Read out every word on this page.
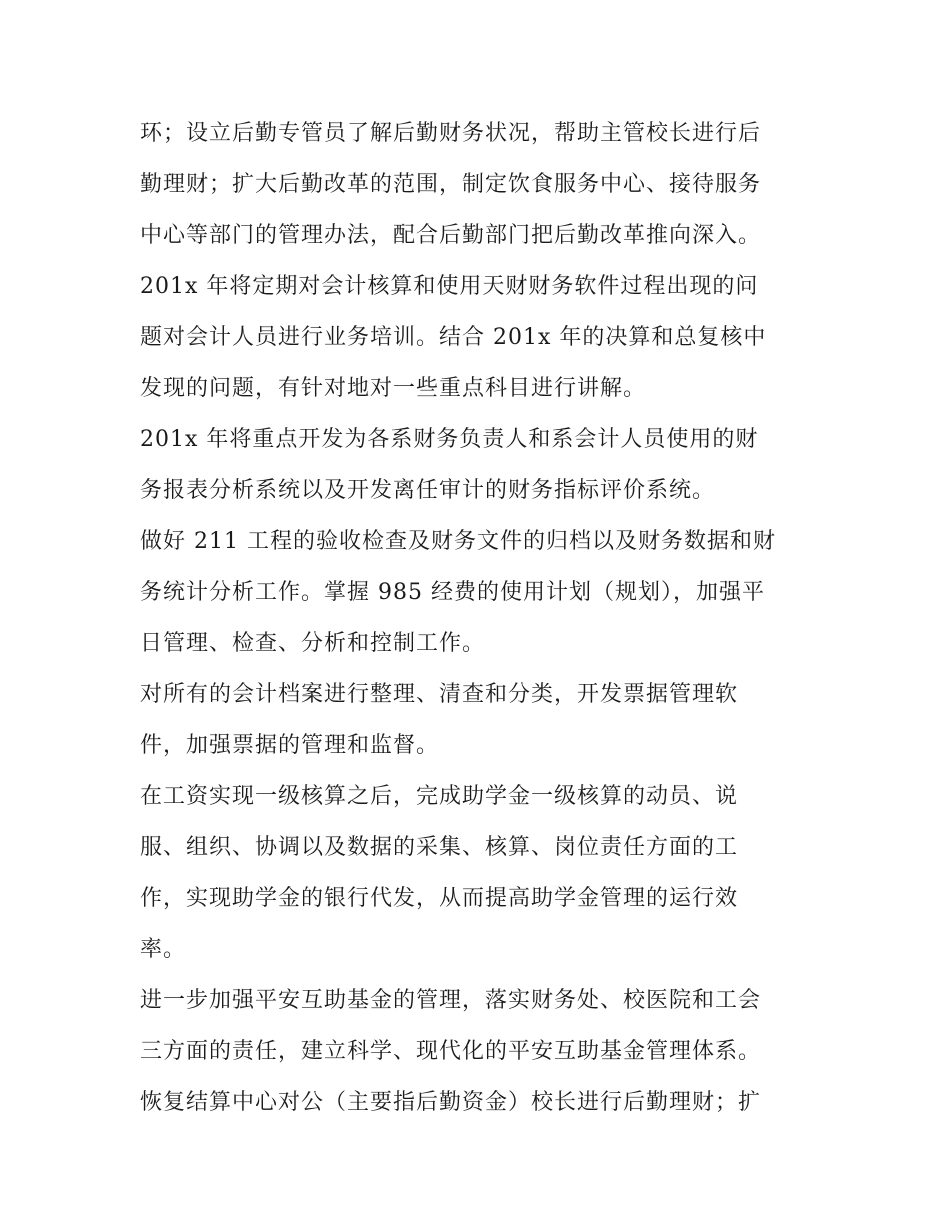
环；设立后勤专管员了解后勤财务状况，帮助主管校长进行后
勤理财；扩大后勤改革的范围，制定饮食服务中心、接待服务
中心等部门的管理办法，配合后勤部门把后勤改革推向深入。
201x 年将定期对会计核算和使用天财财务软件过程出现的问
题对会计人员进行业务培训。结合 201x 年的决算和总复核中
发现的问题，有针对地对一些重点科目进行讲解。
201x 年将重点开发为各系财务负责人和系会计人员使用的财
务报表分析系统以及开发离任审计的财务指标评价系统。
做好 211 工程的验收检查及财务文件的归档以及财务数据和财
务统计分析工作。掌握 985 经费的使用计划（规划），加强平
日管理、检查、分析和控制工作。
对所有的会计档案进行整理、清查和分类，开发票据管理软
件，加强票据的管理和监督。
在工资实现一级核算之后，完成助学金一级核算的动员、说
服、组织、协调以及数据的采集、核算、岗位责任方面的工
作，实现助学金的银行代发，从而提高助学金管理的运行效
率。
进一步加强平安互助基金的管理，落实财务处、校医院和工会
三方面的责任，建立科学、现代化的平安互助基金管理体系。
恢复结算中心对公（主要指后勤资金）校长进行后勤理财；扩
